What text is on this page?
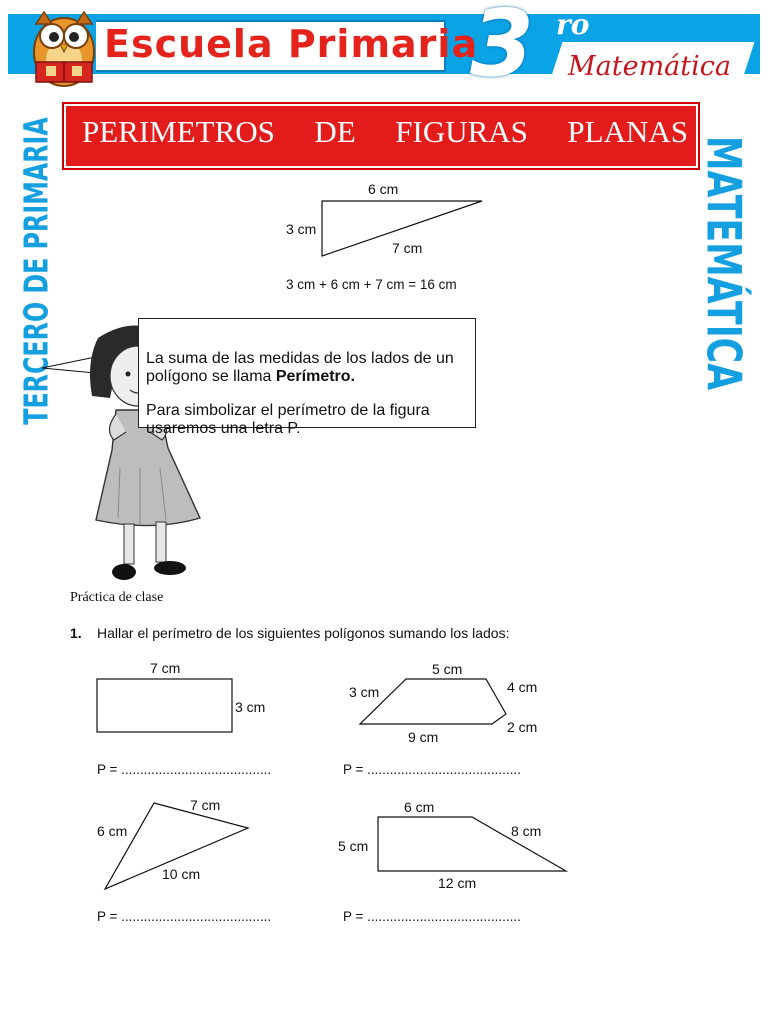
Escuela Primaria
3 ro
Matemática
PERIMETROS DE FIGURAS PLANAS
TERCERO DE PRIMARIA	MATEMÁTICA
6 cm
3 cm
7 cm
3 cm + 6 cm + 7 cm = 16 cm

La suma de las medidas de los lados de un polígono se llama Perímetro.

Para simbolizar el perímetro de la figura usaremos una letra P.

Práctica de clase
1. Hallar el perímetro de los siguientes polígonos sumando los lados:
7 cm
3 cm
P = ........................................
5 cm
3 cm	4 cm
2 cm
9 cm
P = .........................................
7 cm
6 cm
10 cm
P = ........................................
6 cm
5 cm
8 cm
12 cm
P = .........................................
